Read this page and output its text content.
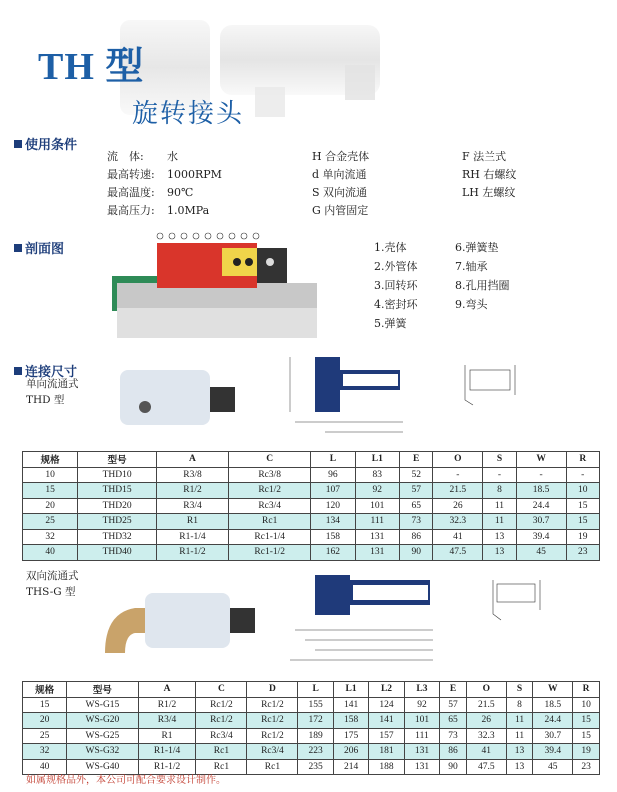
TH 型
旋转接头
使用条件
流　体:	水
最高转速:	1000RPM
最高温度:	90℃
最高压力:	1.0MPa
H 合金壳体
d 单向流通
S 双向流通
G 内管固定
F 法兰式
RH 右螺纹
LH 左螺纹
剖面图	1.壳体
2.外管体
3.回转环
4.密封环
5.弹簧
6.弹簧垫
7.轴承
8.孔用挡圈
9.弯头
连接尺寸
单向流通式
THD 型
规格	型号	A	C	L	L1	E	O	S	W	R
10	THD10	R3/8	Rc3/8	96	83	52	-	-	-	-
15	THD15	R1/2	Rc1/2	107	92	57	21.5	8	18.5	10
20	THD20	R3/4	Rc3/4	120	101	65	26	11	24.4	15
25	THD25	R1	Rc1	134	111	73	32.3	11	30.7	15
32	THD32	R1-1/4	Rc1-1/4	158	131	86	41	13	39.4	19
40	THD40	R1-1/2	Rc1-1/2	162	131	90	47.5	13	45	23
双向流通式
THS-G 型
规格	型号	A	C	D	L	L1	L2	L3	E	O	S	W	R
15	WS-G15	R1/2	Rc1/2	Rc1/2	155	141	124	92	57	21.5	8	18.5	10
20	WS-G20	R3/4	Rc1/2	Rc1/2	172	158	141	101	65	26	11	24.4	15
25	WS-G25	R1	Rc3/4	Rc1/2	189	175	157	111	73	32.3	11	30.7	15
32	WS-G32	R1-1/4	Rc1	Rc3/4	223	206	181	131	86	41	13	39.4	19
40	WS-G40	R1-1/2	Rc1	Rc1	235	214	188	131	90	47.5	13	45	23
如属规格品外，本公司可配合要求设计制作。
